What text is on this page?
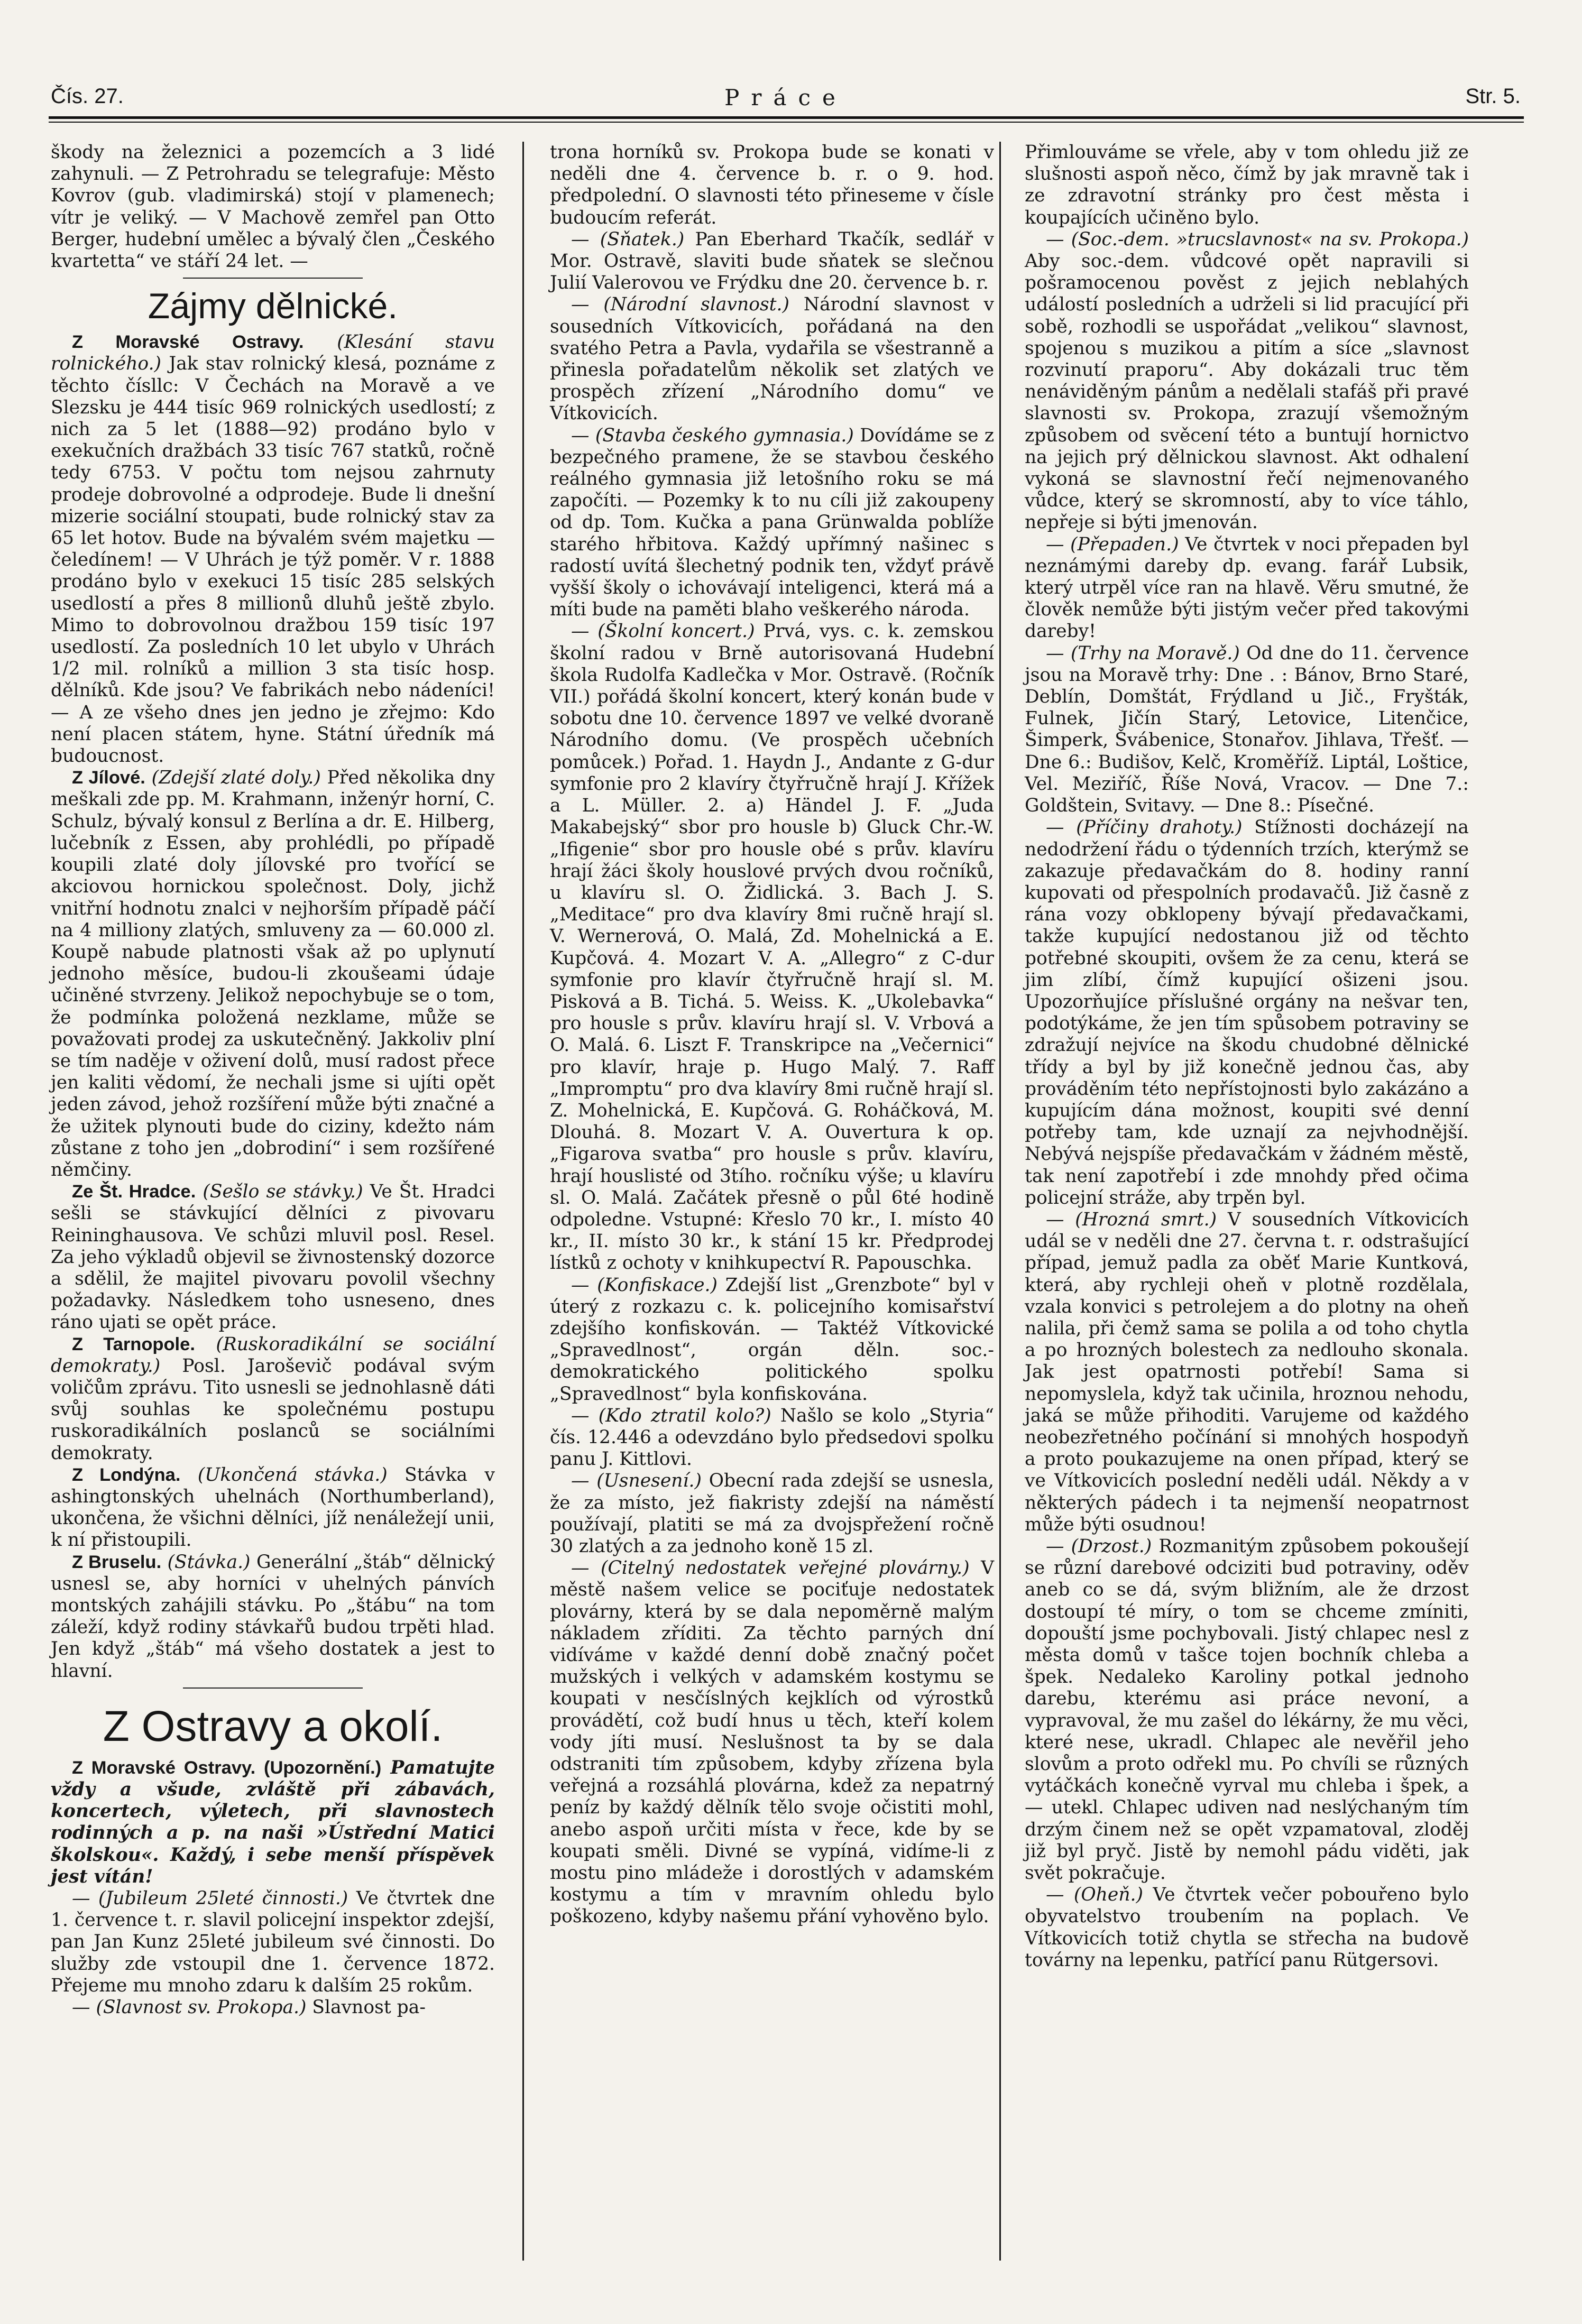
Čís. 27.	Práce	Str. 5.

škody na železnici a pozemcích a 3 lidé zahynuli. — Z Petrohradu se telegrafuje: Město Kovrov (gub. vladimirská) stojí v plamenech; vítr je veliký. — V Machově zemřel pan Otto Berger, hudební umělec a bývalý člen „Českého kvartetta“ ve stáří 24 let. —

Zájmy dělnické.

Z Moravské Ostravy. (Klesání stavu rolnického.) Jak stav rolnický klesá, poznáme z těchto čísllc: V Čechách na Moravě a ve Slezsku je 444 tisíc 969 rolnických usedlostí; z nich za 5 let (1888—92) prodáno bylo v exekučních dražbách 33 tisíc 767 statků, ročně tedy 6753. V počtu tom nejsou zahrnuty prodeje dobrovolné a odprodeje. Bude li dnešní mizerie sociální stoupati, bude rolnický stav za 65 let hotov. Bude na bývalém svém majetku — čeledínem! — V Uhrách je týž poměr. V r. 1888 prodáno bylo v exekuci 15 tisíc 285 selských usedlostí a přes 8 millionů dluhů ještě zbylo. Mimo to dobrovolnou dražbou 159 tisíc 197 usedlostí. Za posledních 10 let ubylo v Uhrách 1/2 mil. rolníků a million 3 sta tisíc hosp. dělníků. Kde jsou? Ve fabrikách nebo nádeníci! — A ze všeho dnes jen jedno je zřejmo: Kdo není placen státem, hyne. Státní úředník má budoucnost.

Z Jílové. (Zdejší zlaté doly.) Před několika dny meškali zde pp. M. Krahmann, inženýr horní, C. Schulz, bývalý konsul z Berlína a dr. E. Hilberg, lučebník z Essen, aby prohlédli, po případě koupili zlaté doly jílovské pro tvořící se akciovou hornickou společnost. Doly, jichž vnitřní hodnotu znalci v nejhorším případě páčí na 4 milliony zlatých, smluveny za — 60.000 zl. Koupě nabude platnosti však až po uplynutí jednoho měsíce, budou-li zkoušeami údaje učiněné stvrzeny. Jelikož nepochybuje se o tom, že podmínka položená nezklame, může se považovati prodej za uskutečněný. Jakkoliv plní se tím naděje v oživení dolů, musí radost přece jen kaliti vědomí, že nechali jsme si ujíti opět jeden závod, jehož rozšíření může býti značné a že užitek plynouti bude do ciziny, kdežto nám zůstane z toho jen „dobrodiní“ i sem rozšířené němčiny.

Ze Št. Hradce. (Sešlo se stávky.) Ve Št. Hradci sešli se stávkující dělníci z pivovaru Reininghausova. Ve schůzi mluvil posl. Resel. Za jeho výkladů objevil se živnostenský dozorce a sdělil, že majitel pivovaru povolil všechny požadavky. Následkem toho usneseno, dnes ráno ujati se opět práce.

Z Tarnopole. (Ruskoradikální se sociální demokraty.) Posl. Jaroševič podával svým voličům zprávu. Tito usnesli se jednohlasně dáti svůj souhlas ke společnému postupu ruskoradikálních poslanců se sociálními demokraty.

Z Londýna. (Ukončená stávka.) Stávka v ashingtonských uhelnách (Northumberland), ukončena, že všichni dělníci, jíž nenáležejí unii, k ní přistoupili.

Z Bruselu. (Stávka.) Generální „štáb“ dělnický usnesl se, aby horníci v uhelných pánvích montských zahájili stávku. Po „štábu“ na tom záleží, když rodiny stávkařů budou trpěti hlad. Jen když „štáb“ má všeho dostatek a jest to hlavní.

Z Ostravy a okolí.

Z Moravské Ostravy. (Upozornění.) Pamatujte vždy a všude, zvláště při zábavách, koncertech, výletech, při slavnostech rodinných a p. na naši »Ústřední Matici školskou«. Každý, i sebe menší příspěvek jest vítán!

— (Jubileum 25leté činnosti.) Ve čtvrtek dne 1. července t. r. slavil policejní inspektor zdejší, pan Jan Kunz 25leté jubileum své činnosti. Do služby zde vstoupil dne 1. července 1872. Přejeme mu mnoho zdaru k dalším 25 rokům.

— (Slavnost sv. Prokopa.) Slavnost pa-

trona horníků sv. Prokopa bude se konati v neděli dne 4. července b. r. o 9. hod. předpolední. O slavnosti této přineseme v čísle budoucím referát.

— (Sňatek.) Pan Eberhard Tkačík, sedlář v Mor. Ostravě, slaviti bude sňatek se slečnou Julií Valerovou ve Frýdku dne 20. července b. r.

— (Národní slavnost.) Národní slavnost v sousedních Vítkovicích, pořádaná na den svatého Petra a Pavla, vydařila se všestranně a přinesla pořadatelům několik set zlatých ve prospěch zřízení „Národního domu“ ve Vítkovicích.

— (Stavba českého gymnasia.) Dovídáme se z bezpečného pramene, že se stavbou českého reálného gymnasia již letošního roku se má započíti. — Pozemky k to nu cíli již zakoupeny od dp. Tom. Kučka a pana Grünwalda poblíže starého hřbitova. Každý upřímný našinec s radostí uvítá šlechetný podnik ten, vždyť právě vyšší školy o ichovávají inteligenci, která má a míti bude na paměti blaho veškerého národa.

— (Školní koncert.) Prvá, vys. c. k. zemskou školní radou v Brně autorisovaná Hudební škola Rudolfa Kadlečka v Mor. Ostravě. (Ročník VII.) pořádá školní koncert, který konán bude v sobotu dne 10. července 1897 ve velké dvoraně Národního domu. (Ve prospěch učebních pomůcek.) Pořad. 1. Haydn J., Andante z G-dur symfonie pro 2 klavíry čtyřručně hrají J. Křížek a L. Müller. 2. a) Händel J. F. „Juda Makabejský“ sbor pro housle b) Gluck Chr.-W. „Ifigenie“ sbor pro housle obé s prův. klavíru hrají žáci školy houslové prvých dvou ročníků, u klavíru sl. O. Židlická. 3. Bach J. S. „Meditace“ pro dva klavíry 8mi ručně hrají sl. V. Wernerová, O. Malá, Zd. Mohelnická a E. Kupčová. 4. Mozart V. A. „Allegro“ z C-dur symfonie pro klavír čtyřručně hrají sl. M. Pisková a B. Tichá. 5. Weiss. K. „Ukolebavka“ pro housle s prův. klavíru hrají sl. V. Vrbová a O. Malá. 6. Liszt F. Transkripce na „Večernici“ pro klavír, hraje p. Hugo Malý. 7. Raff „Impromptu“ pro dva klavíry 8mi ručně hrají sl. Z. Mohelnická, E. Kupčová. G. Roháčková, M. Dlouhá. 8. Mozart V. A. Ouvertura k op. „Figarova svatba“ pro housle s prův. klavíru, hrají houslisté od 3tího. ročníku výše; u klavíru sl. O. Malá. Začátek přesně o půl 6té hodině odpoledne. Vstupné: Křeslo 70 kr., I. místo 40 kr., II. místo 30 kr., k stání 15 kr. Předprodej lístků z ochoty v knihkupectví R. Papouschka.

— (Konfiskace.) Zdejší list „Grenzbote“ byl v úterý z rozkazu c. k. policejního komisařství zdejšího konfiskován. — Taktéž Vítkovické „Spravedlnost“, orgán děln. soc.-demokratického politického spolku „Spravedlnost“ byla konfiskována.

— (Kdo ztratil kolo?) Našlo se kolo „Styria“ čís. 12.446 a odevzdáno bylo předsedovi spolku panu J. Kittlovi.

— (Usnesení.) Obecní rada zdejší se usnesla, že za místo, jež fiakristy zdejší na náměstí používají, platiti se má za dvojspřežení ročně 30 zlatých a za jednoho koně 15 zl.

— (Citelný nedostatek veřejné plovárny.) V městě našem velice se pociťuje nedostatek plovárny, která by se dala nepoměrně malým nákladem zříditi. Za těchto parných dní vidíváme v každé denní době značný počet mužských i velkých v adamském kostymu se koupati v nesčíslných kejklích od výrostků provádětí, což budí hnus u těch, kteří kolem vody jíti musí. Neslušnost ta by se dala odstraniti tím způsobem, kdyby zřízena byla veřejná a rozsáhlá plovárna, kdež za nepatrný peníz by každý dělník tělo svoje očistiti mohl, anebo aspoň určiti místa v řece, kde by se koupati směli. Divné se vypíná, vidíme-li z mostu pino mládeže i dorostlých v adamském kostymu a tím v mravním ohledu bylo poškozeno, kdyby našemu přání vyhověno bylo.

Přimlouváme se vřele, aby v tom ohledu již ze slušnosti aspoň něco, čímž by jak mravně tak i ze zdravotní stránky pro čest města i koupajících učiněno bylo.

— (Soc.-dem. »trucslavnost« na sv. Prokopa.) Aby soc.-dem. vůdcové opět napravili si pošramocenou pověst z jejich neblahých událostí posledních a udrželi si lid pracující při sobě, rozhodli se uspořádat „velikou“ slavnost, spojenou s muzikou a pitím a síce „slavnost rozvinutí praporu“. Aby dokázali truc těm nenáviděným pánům a nedělali stafáš při pravé slavnosti sv. Prokopa, zrazují všemožným způsobem od svěcení této a buntují hornictvo na jejich prý dělnickou slavnost. Akt odhalení vykoná se slavnostní řečí nejmenovaného vůdce, který se skromností, aby to více táhlo, nepřeje si býti jmenován.

— (Přepaden.) Ve čtvrtek v noci přepaden byl neznámými dareby dp. evang. farář Lubsik, který utrpěl více ran na hlavě. Věru smutné, že člověk nemůže býti jistým večer před takovými dareby!

— (Trhy na Moravě.) Od dne do 11. července jsou na Moravě trhy: Dne . : Bánov, Brno Staré, Deblín, Domštát, Frýdland u Jič., Fryšták, Fulnek, Jičín Starý, Letovice, Litenčice, Šimperk, Švábenice, Stonařov. Jihlava, Třešť. — Dne 6.: Budišov, Kelč, Kroměříž. Liptál, Loštice, Vel. Meziříč, Říše Nová, Vracov. — Dne 7.: Goldštein, Svitavy. — Dne 8.: Písečné.

— (Příčiny drahoty.) Stížnosti docházejí na nedodržení řádu o týdenních trzích, kterýmž se zakazuje předavačkám do 8. hodiny ranní kupovati od přespolních prodavačů. Již časně z rána vozy obklopeny bývají předavačkami, takže kupující nedostanou již od těchto potřebné skoupiti, ovšem že za cenu, která se jim zlíbí, čímž kupující ošizeni jsou. Upozorňujíce příslušné orgány na nešvar ten, podotýkáme, že jen tím spůsobem potraviny se zdražují nejvíce na škodu chudobné dělnické třídy a byl by již konečně jednou čas, aby prováděním této nepřístojnosti bylo zakázáno a kupujícím dána možnost, koupiti své denní potřeby tam, kde uznají za nejvhodnější. Nebývá nejspíše předavačkám v žádném městě, tak není zapotřebí i zde mnohdy před očima policejní stráže, aby trpěn byl.

— (Hrozná smrt.) V sousedních Vítkovicích udál se v neděli dne 27. června t. r. odstrašující případ, jemuž padla za oběť Marie Kuntková, která, aby rychleji oheň v plotně rozdělala, vzala konvici s petrolejem a do plotny na oheň nalila, při čemž sama se polila a od toho chytla a po hrozných bolestech za nedlouho skonala. Jak jest opatrnosti potřebí! Sama si nepomyslela, když tak učinila, hroznou nehodu, jaká se může přihoditi. Varujeme od každého neobezřetného počínání si mnohých hospodyň a proto poukazujeme na onen případ, který se ve Vítkovicích poslední neděli udál. Někdy a v některých pádech i ta nejmenší neopatrnost může býti osudnou!

— (Drzost.) Rozmanitým způsobem pokoušejí se různí darebové odciziti bud potraviny, oděv aneb co se dá, svým bližním, ale že drzost dostoupí té míry, o tom se chceme zmíniti, dopouští jsme pochybovali. Jistý chlapec nesl z města domů v tašce tojen bochník chleba a špek. Nedaleko Karoliny potkal jednoho darebu, kterému asi práce nevoní, a vypravoval, že mu zašel do lékárny, že mu věci, které nese, ukradl. Chlapec ale nevěřil jeho slovům a proto odřekl mu. Po chvíli se různých vytáčkách konečně vyrval mu chleba i špek, a — utekl. Chlapec udiven nad neslýchaným tím drzým činem než se opět vzpamatoval, zloděj již byl pryč. Jistě by nemohl pádu viděti, jak svět pokračuje.

— (Oheň.) Ve čtvrtek večer pobouřeno bylo obyvatelstvo troubením na poplach. Ve Vítkovicích totiž chytla se střecha na budově továrny na lepenku, patřící panu Rütgersovi.
